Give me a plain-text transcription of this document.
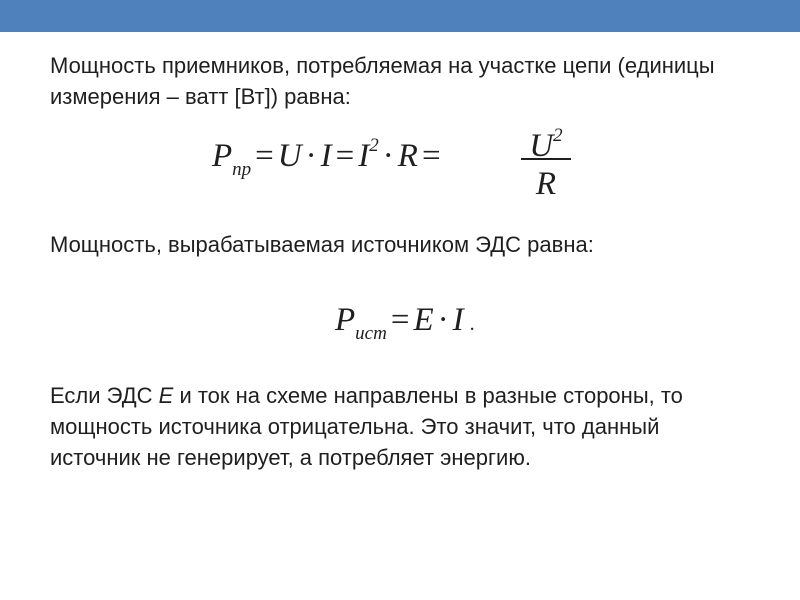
Мощность приемников, потребляемая на участке цепи (единицы измерения – ватт [Вт]) равна:

$P_{пр} = U \cdot I = I^2 \cdot R$ =	$U^2$
R

Мощность, вырабатываемая источником ЭДС равна:

$P_{ист} = E \cdot I$ .

Если ЭДС E и ток на схеме направлены в разные стороны, то мощность источника отрицательна. Это значит, что данный источник не генерирует, а потребляет энергию.
